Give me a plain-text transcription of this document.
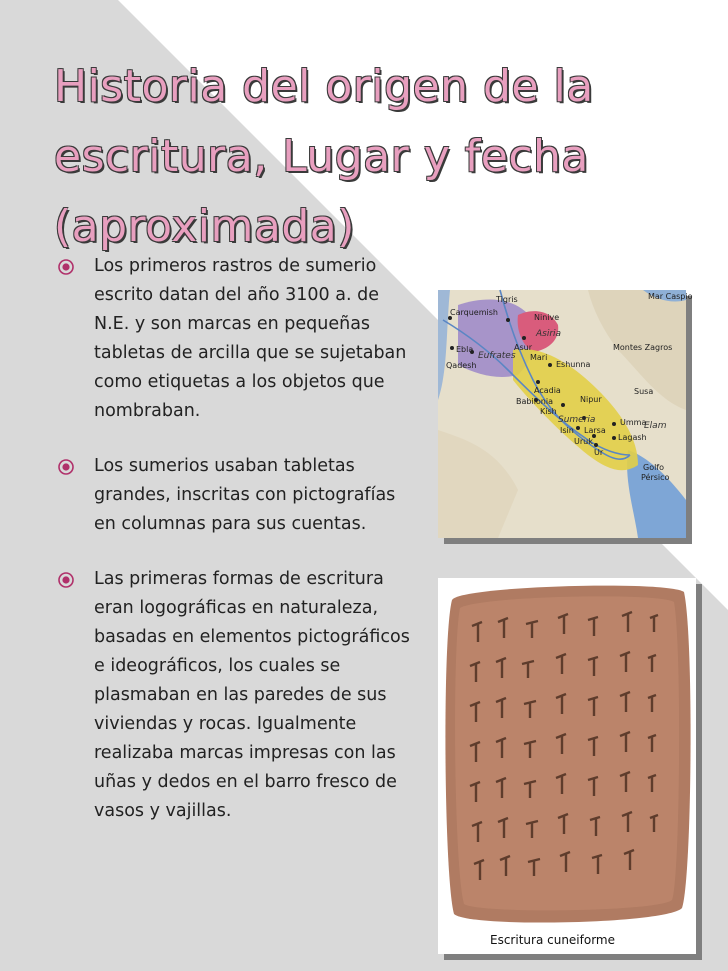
Historia del origen de la escritura, Lugar y fecha (aproximada)
Los primeros rastros de sumerio escrito datan del año 3100 a. de N.E. y son marcas en pequeñas tabletas de arcilla que se sujetaban como etiquetas a los objetos que nombraban.
Los sumerios usaban tabletas grandes, inscritas con pictografías en columnas para sus cuentas.
Las primeras formas de escritura eran logográficas en naturaleza, basadas en elementos pictográficos e ideográficos, los cuales se plasmaban en las paredes de sus viviendas y rocas. Igualmente realizaba marcas impresas con las uñas y dedos en el barro fresco de vasos y vajillas.
Tigris	Mar Caspio
Carquemish
Ninive
Asiria
Asur
Ebla
Eufrates Mari
Qadesh
Montes Zagros
Eshunna
Acadia
Babilonia
Kish
Nipur
Sumeria
Susa
Isin Larsa
Umma
Uruk
Elam
Ur
Lagash
Golfo
Pérsico
Escritura cuneiforme
